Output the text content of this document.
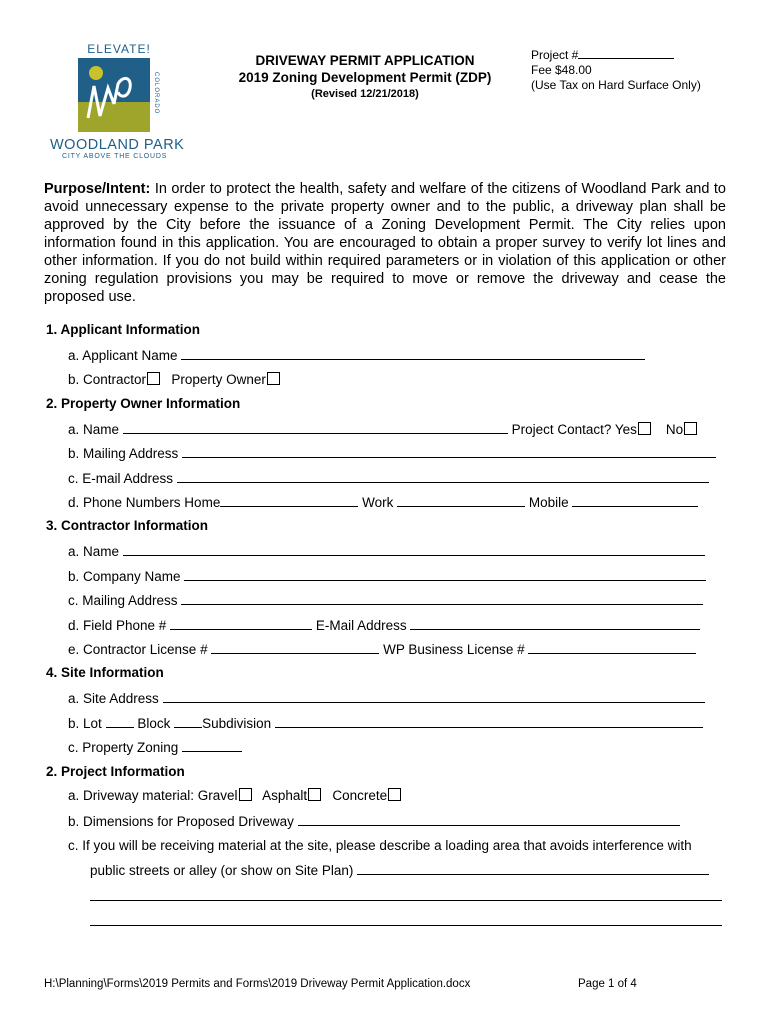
ELEVATE!
COLORADO
WOODLAND PARK
CITY ABOVE THE CLOUDS
DRIVEWAY PERMIT APPLICATION
2019 Zoning Development Permit (ZDP)
(Revised 12/21/2018)
Project #
Fee $48.00
(Use Tax on Hard Surface Only)
Purpose/Intent: In order to protect the health, safety and welfare of the citizens of Woodland Park and to avoid unnecessary expense to the private property owner and to the public, a driveway plan shall be approved by the City before the issuance of a Zoning Development Permit. The City relies upon information found in this application. You are encouraged to obtain a proper survey to verify lot lines and other information. If you do not build within required parameters or in violation of this application or other zoning regulation provisions you may be required to move or remove the driveway and cease the proposed use.
1. Applicant Information
a. Applicant Name
b. Contractor Property Owner
2. Property Owner Information
a. Name	Project Contact? Yes No
b. Mailing Address
c. E-mail Address
d. Phone Numbers Home	Work	Mobile
3. Contractor Information
a. Name
b. Company Name
c. Mailing Address
d. Field Phone #	E-Mail Address
e. Contractor License #	WP Business License #
4. Site Information
a. Site Address
b. Lot	Block Subdivision
c. Property Zoning
2. Project Information
a. Driveway material: Gravel Asphalt Concrete
b. Dimensions for Proposed Driveway
c. If you will be receiving material at the site, please describe a loading area that avoids interference with
public streets or alley (or show on Site Plan)
H:\Planning\Forms\2019 Permits and Forms\2019 Driveway Permit Application.docx	Page 1 of 4
